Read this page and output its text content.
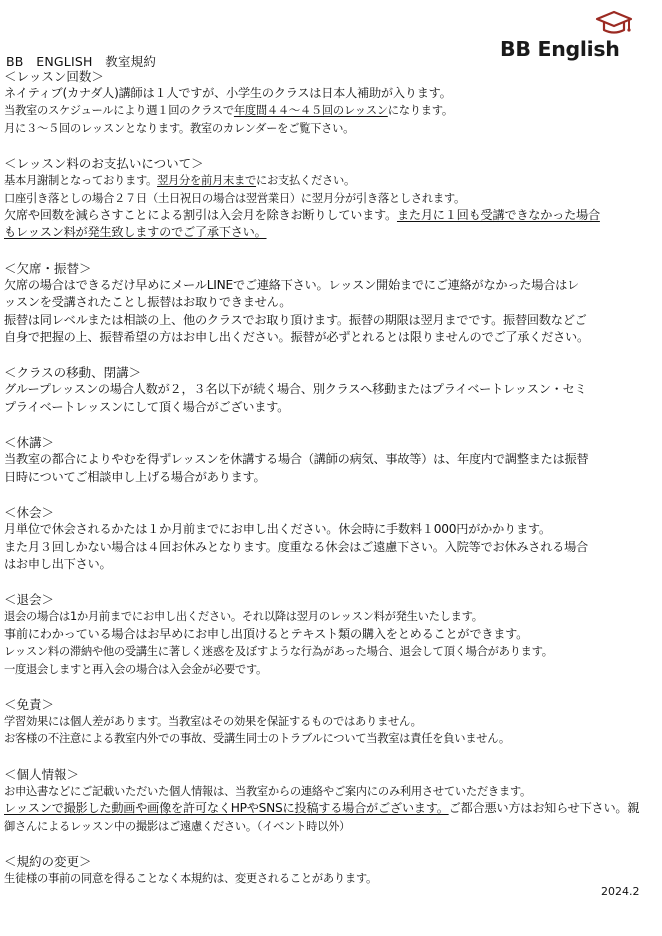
BB　ENGLISH　教室規約
BB English
＜レッスン回数＞
ネイティブ(カナダ人)講師は１人ですが、小学生のクラスは日本人補助が入ります。
当教室のスケジュールにより週１回のクラスで年度間４４～４５回のレッスンになります。
月に３～５回のレッスンとなります。教室のカレンダーをご覧下さい。
＜レッスン料のお支払いについて＞
基本月謝制となっております。翌月分を前月末までにお支払ください。
口座引き落としの場合２７日（土日祝日の場合は翌営業日）に翌月分が引き落としされます。
欠席や回数を減らさすことによる割引は入会月を除きお断りしています。また月に１回も受講できなかった場合
もレッスン料が発生致しますのでご了承下さい。
＜欠席・振替＞
欠席の場合はできるだけ早めにメールLINEでご連絡下さい。レッスン開始までにご連絡がなかった場合はレ
ッスンを受講されたことし振替はお取りできません。
振替は同レベルまたは相談の上、他のクラスでお取り頂けます。振替の期限は翌月までです。振替回数などご
自身で把握の上、振替希望の方はお申し出ください。振替が必ずとれるとは限りませんのでご了承ください。
＜クラスの移動、閉講＞
グループレッスンの場合人数が２，３名以下が続く場合、別クラスへ移動またはプライベートレッスン・セミ
プライベートレッスンにして頂く場合がございます。
＜休講＞
当教室の都合によりやむを得ずレッスンを休講する場合（講師の病気、事故等）は、年度内で調整または振替
日時についてご相談申し上げる場合があります。
＜休会＞
月単位で休会されるかたは１か月前までにお申し出ください。休会時に手数料１000円がかかります。
また月３回しかない場合は４回お休みとなります。度重なる休会はご遠慮下さい。入院等でお休みされる場合
はお申し出下さい。
＜退会＞
退会の場合は1か月前までにお申し出ください。それ以降は翌月のレッスン料が発生いたします。
事前にわかっている場合はお早めにお申し出頂けるとテキスト類の購入をとめることができます。
レッスン料の滞納や他の受講生に著しく迷惑を及ぼすような行為があった場合、退会して頂く場合があります。
一度退会しますと再入会の場合は入会金が必要です。
＜免責＞
学習効果には個人差があります。当教室はその効果を保証するものではありません。
お客様の不注意による教室内外での事故、受講生同士のトラブルについて当教室は責任を負いません。
＜個人情報＞
お申込書などにご記載いただいた個人情報は、当教室からの連絡やご案内にのみ利用させていただきます。
レッスンで撮影した動画や画像を許可なくHPやSNSに投稿する場合がございます。ご都合悪い方はお知らせ下さい。親
御さんによるレッスン中の撮影はご遠慮ください。（イベント時以外）
＜規約の変更＞
生徒様の事前の同意を得ることなく本規約は、変更されることがあります。
2024.2
